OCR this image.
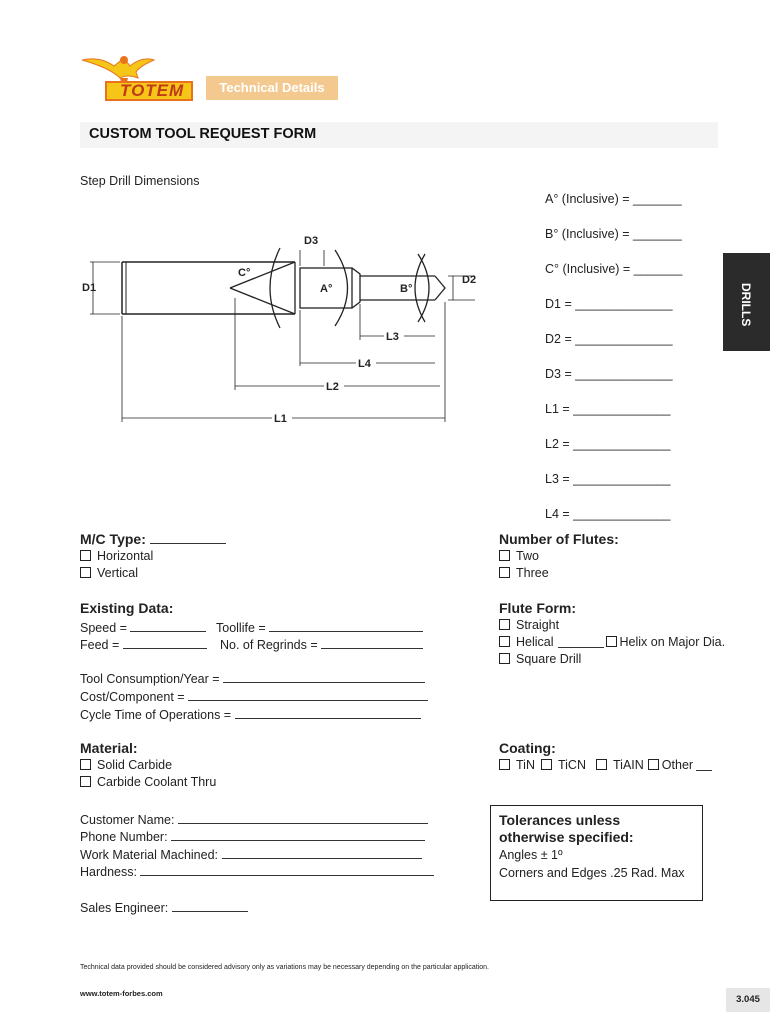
TOTEM	Technical Details
CUSTOM TOOL REQUEST FORM
DRILLS
Step Drill Dimensions
D1
D2
D3
C°
A°	B°
L3
L4
L2
L1
A° (Inclusive) = _______
B° (Inclusive) = _______
C° (Inclusive) = _______
D1 = ______________
D2 = ______________
D3 = ______________
L1 = ______________
L2 = ______________
L3 = ______________
L4 = ______________
M/C Type:
Horizontal
Vertical
Number of Flutes:
Two
Three
Existing Data:
Speed =	Toollife =
Feed =	No. of Regrinds =
Tool Consumption/Year =
Cost/Component =
Cycle Time of Operations =
Flute Form:
Straight
Helical	Helix on Major Dia.
Square Drill
Material:
Solid Carbide
Carbide Coolant Thru
Coating:
TiN TiCN TiAIN Other
Customer Name:
Phone Number:
Work Material Machined:
Hardness:
Sales Engineer:
Tolerances unless
otherwise specified:
Angles ± 1º
Corners and Edges .25 Rad. Max
Technical data provided should be considered advisory only as variations may be necessary depending on the particular application.
www.totem-forbes.com
3.045
